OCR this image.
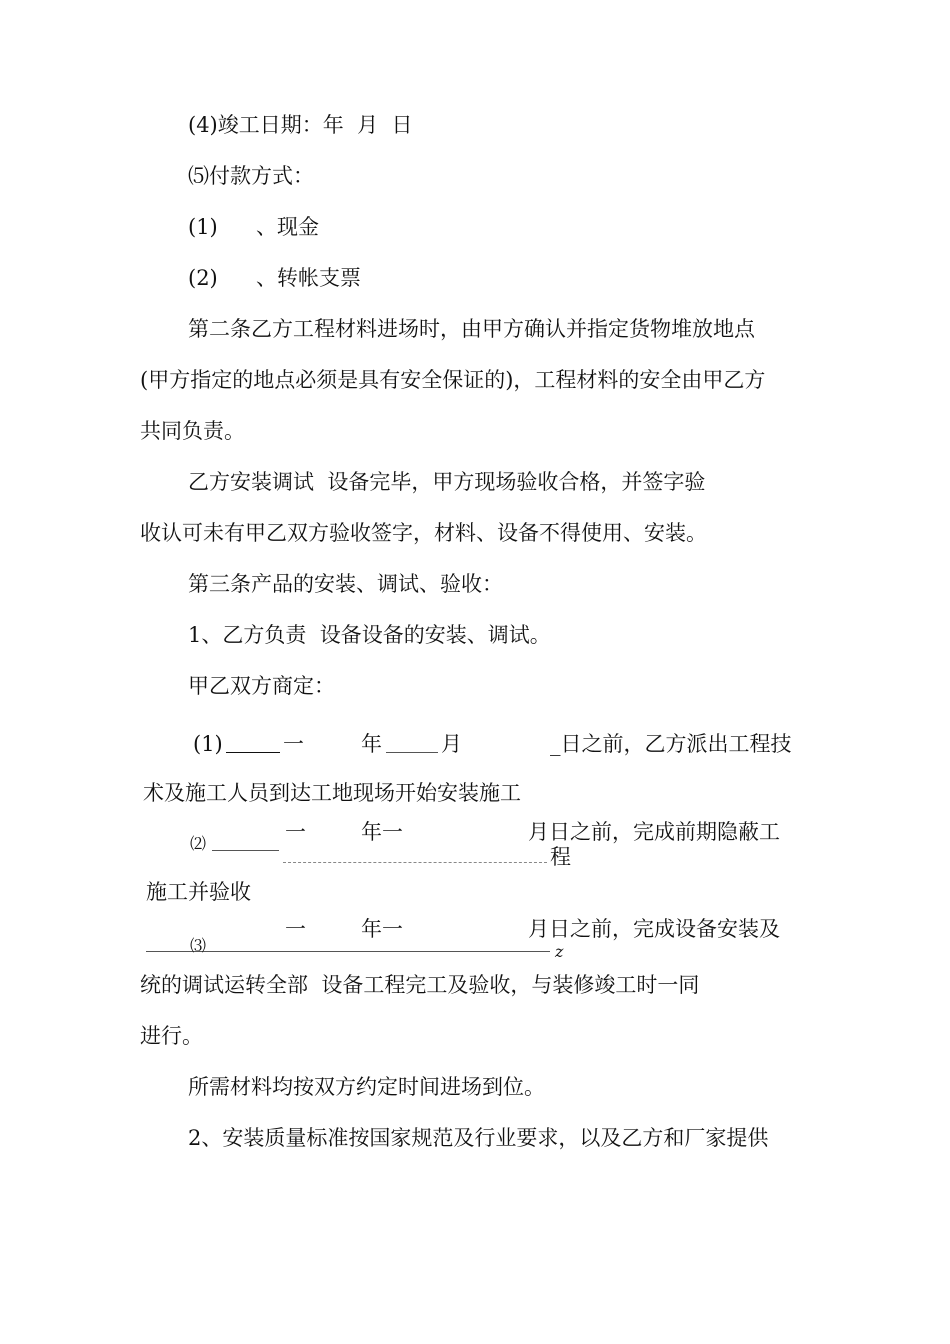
(4)竣工日期：年  月  日
⑸付款方式：
(1) 、现金
(2) 、转帐支票
第二条乙方工程材料进场时，由甲方确认并指定货物堆放地点
(甲方指定的地点必须是具有安全保证的)，工程材料的安全由甲乙方
共同负责。
乙方安装调试  设备完毕，甲方现场验收合格，并签字验
收认可未有甲乙双方验收签字，材料、设备不得使用、安装。
第三条产品的安装、调试、验收：
1、乙方负责  设备设备的安装、调试。
甲乙双方商定：
(1)	一	年	月	_日之前，乙方派出工程技
术及施工人员到达工地现场开始安装施工
⑵	一	年一	月日之前，完成前期隐蔽工
程
施工并验收
⑶
一	年一	月日之前，完成设备安装及
z
统的调试运转全部  设备工程完工及验收，与装修竣工时一同
进行。
所需材料均按双方约定时间进场到位。
2、安装质量标准按国家规范及行业要求，以及乙方和厂家提供
